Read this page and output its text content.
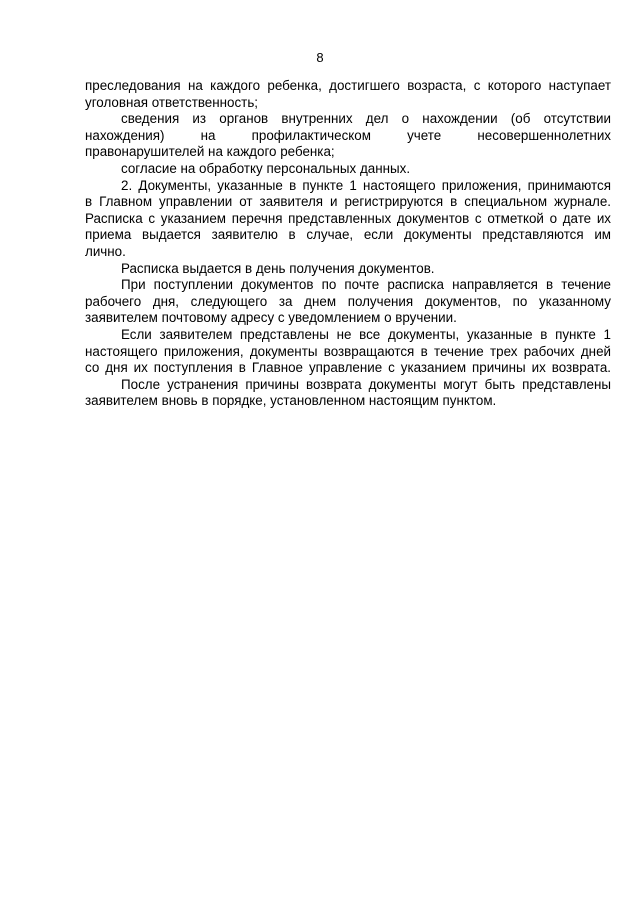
8
преследования на каждого ребенка, достигшего возраста, с которого наступает
уголовная ответственность;
сведения из органов внутренних дел о нахождении (об отсутствии
нахождения) на профилактическом учете несовершеннолетних
правонарушителей на каждого ребенка;
согласие на обработку персональных данных.
2. Документы, указанные в пункте 1 настоящего приложения, принимаются
в Главном управлении от заявителя и регистрируются в специальном журнале.
Расписка с указанием перечня представленных документов с отметкой о дате их
приема выдается заявителю в случае, если документы представляются им
лично.
Расписка выдается в день получения документов.
При поступлении документов по почте расписка направляется в течение
рабочего дня, следующего за днем получения документов, по указанному
заявителем почтовому адресу с уведомлением о вручении.
Если заявителем представлены не все документы, указанные в пункте 1
настоящего приложения, документы возвращаются в течение трех рабочих дней
со дня их поступления в Главное управление с указанием причины их возврата.
После устранения причины возврата документы могут быть представлены
заявителем вновь в порядке, установленном настоящим пунктом.
